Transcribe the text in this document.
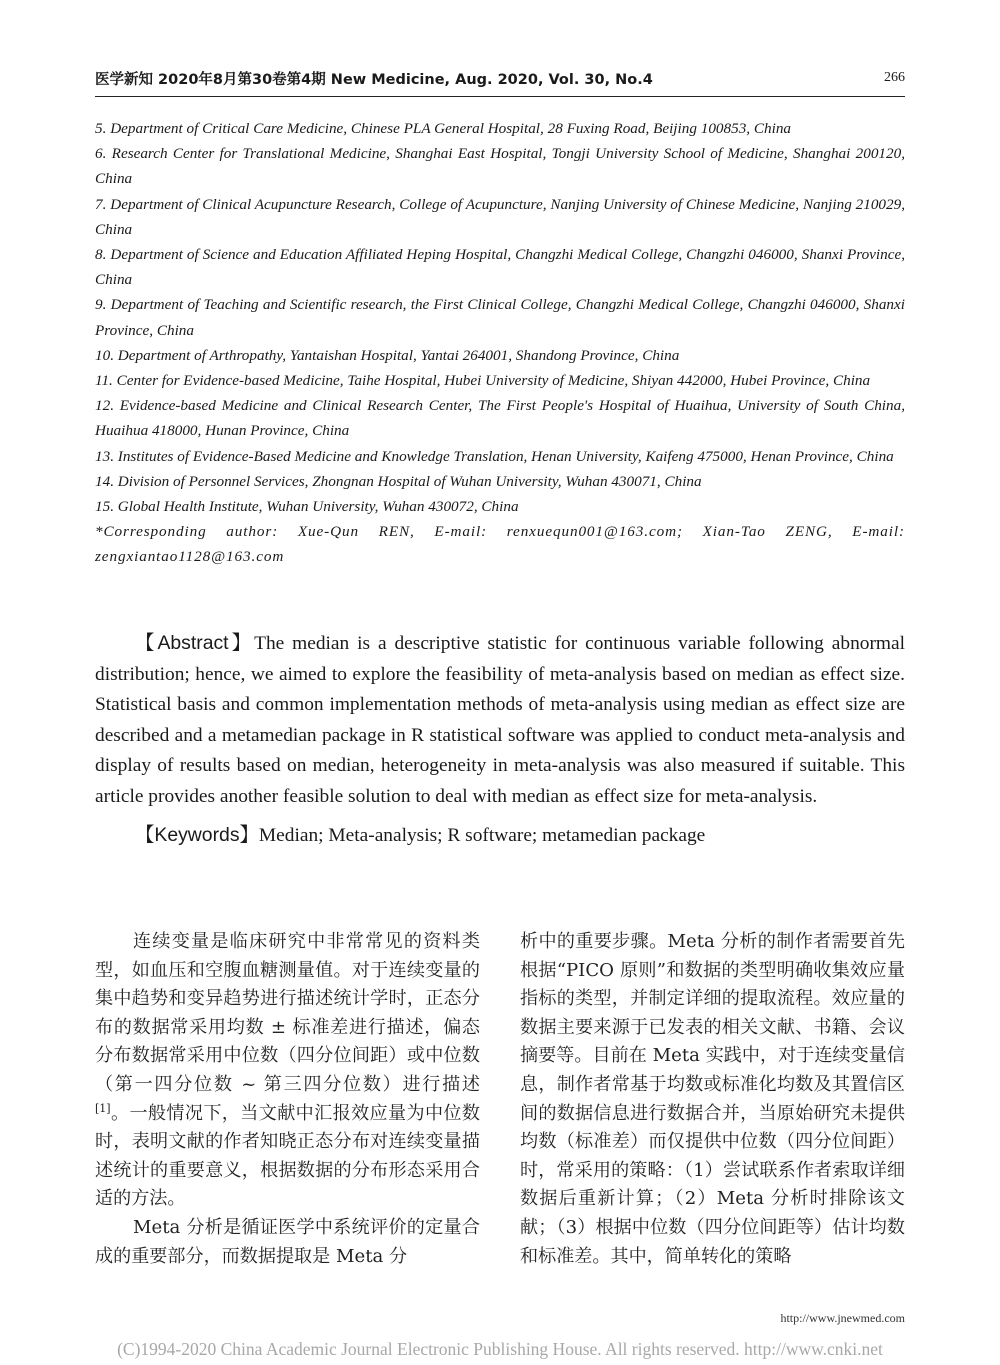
医学新知 2020年8月第30卷第4期 New Medicine, Aug. 2020, Vol. 30, No.4	266

5. Department of Critical Care Medicine, Chinese PLA General Hospital, 28 Fuxing Road, Beijing 100853, China

6. Research Center for Translational Medicine, Shanghai East Hospital, Tongji University School of Medicine, Shanghai 200120, China

7. Department of Clinical Acupuncture Research, College of Acupuncture, Nanjing University of Chinese Medicine, Nanjing 210029, China

8. Department of Science and Education Affiliated Heping Hospital, Changzhi Medical College, Changzhi 046000, Shanxi Province, China

9. Department of Teaching and Scientific research, the First Clinical College, Changzhi Medical College, Changzhi 046000, Shanxi Province, China

10. Department of Arthropathy, Yantaishan Hospital, Yantai 264001, Shandong Province, China

11. Center for Evidence-based Medicine, Taihe Hospital, Hubei University of Medicine, Shiyan 442000, Hubei Province, China

12. Evidence-based Medicine and Clinical Research Center, The First People's Hospital of Huaihua, University of South China, Huaihua 418000, Hunan Province, China

13. Institutes of Evidence-Based Medicine and Knowledge Translation, Henan University, Kaifeng 475000, Henan Province, China

14. Division of Personnel Services, Zhongnan Hospital of Wuhan University, Wuhan 430071, China

15. Global Health Institute, Wuhan University, Wuhan 430072, China

*Corresponding author: Xue-Qun REN, E-mail: renxuequn001@163.com; Xian-Tao ZENG, E-mail: zengxiantao1128@163.com

【Abstract】The median is a descriptive statistic for continuous variable following abnormal distribution; hence, we aimed to explore the feasibility of meta-analysis based on median as effect size. Statistical basis and common implementation methods of meta-analysis using median as effect size are described and a metamedian package in R statistical software was applied to conduct meta-analysis and display of results based on median, heterogeneity in meta-analysis was also measured if suitable. This article provides another feasible solution to deal with median as effect size for meta-analysis.

【Keywords】Median; Meta-analysis; R software; metamedian package

连续变量是临床研究中非常常见的资料类型，如血压和空腹血糖测量值。对于连续变量的集中趋势和变异趋势进行描述统计学时，正态分布的数据常采用均数 ± 标准差进行描述，偏态分布数据常采用中位数（四分位间距）或中位数（第一四分位数 ~ 第三四分位数）进行描述[1]。一般情况下，当文献中汇报效应量为中位数时，表明文献的作者知晓正态分布对连续变量描述统计的重要意义，根据数据的分布形态采用合适的方法。

Meta 分析是循证医学中系统评价的定量合成的重要部分，而数据提取是 Meta 分

析中的重要步骤。Meta 分析的制作者需要首先根据“PICO 原则”和数据的类型明确收集效应量指标的类型，并制定详细的提取流程。效应量的数据主要来源于已发表的相关文献、书籍、会议摘要等。目前在 Meta 实践中，对于连续变量信息，制作者常基于均数或标准化均数及其置信区间的数据信息进行数据合并，当原始研究未提供均数（标准差）而仅提供中位数（四分位间距）时，常采用的策略：（1）尝试联系作者索取详细数据后重新计算；（2）Meta 分析时排除该文献；（3）根据中位数（四分位间距等）估计均数和标准差。其中，简单转化的策略

http://www.jnewmed.com
(C)1994-2020 China Academic Journal Electronic Publishing House. All rights reserved. http://www.cnki.net
